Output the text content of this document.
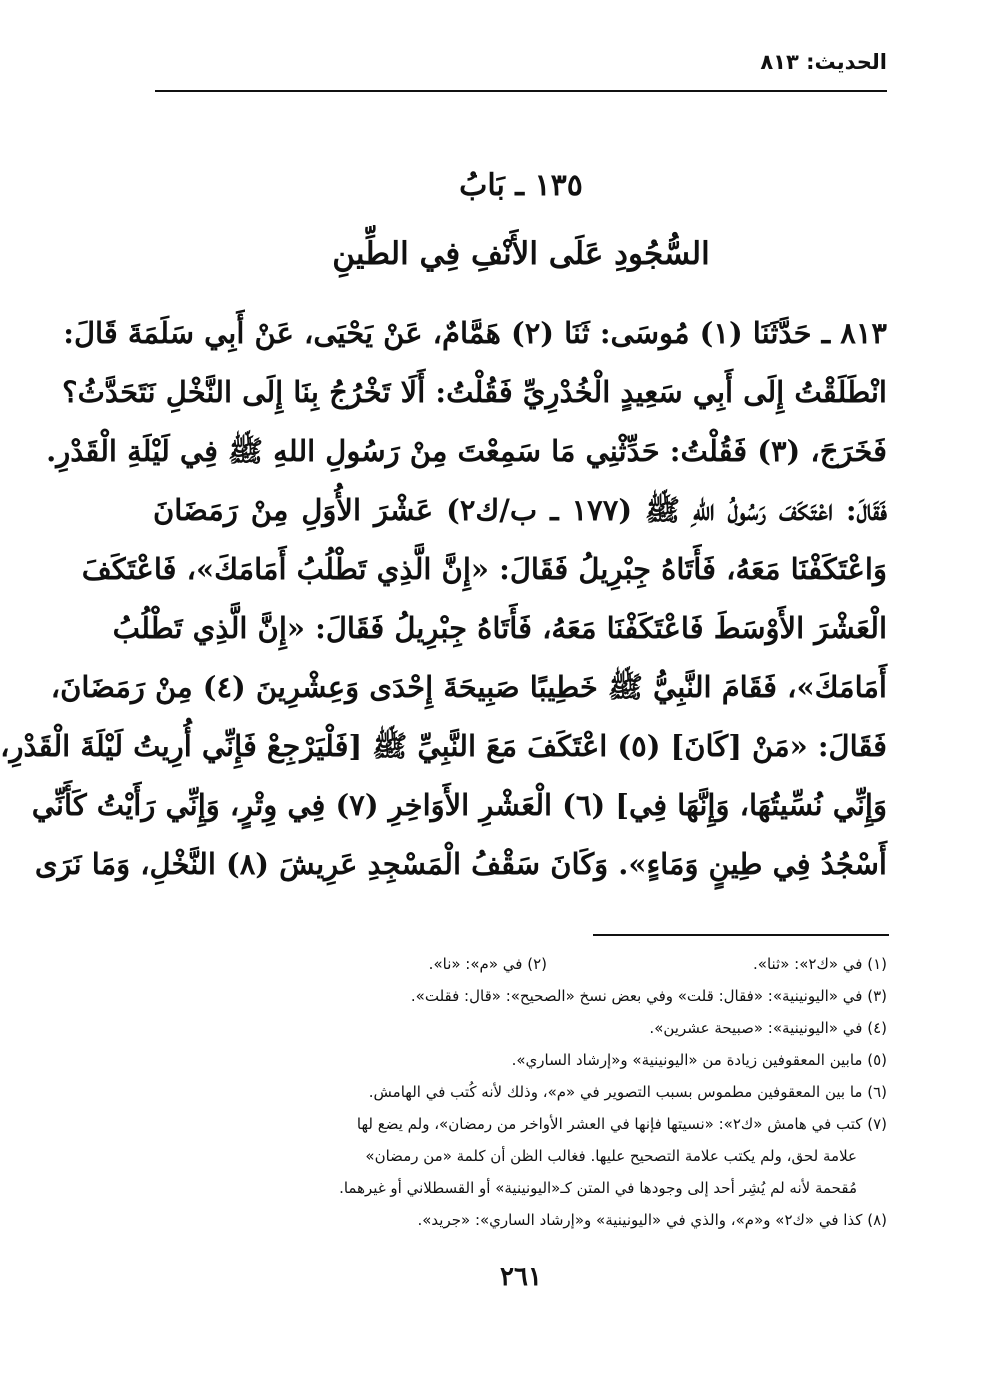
الحديث: ٨١٣
١٣٥ ـ بَابُ
السُّجُودِ عَلَى الأَنْفِ فِي الطِّينِ
٨١٣ ـ حَدَّثَنَا (١) مُوسَى: ثَنَا (٢) هَمَّامٌ، عَنْ يَحْيَى، عَنْ أَبِي سَلَمَةَ قَالَ:
انْطَلَقْتُ إِلَى أَبِي سَعِيدٍ الْخُدْرِيِّ فَقُلْتُ: أَلَا تَخْرُجُ بِنَا إِلَى النَّخْلِ نَتَحَدَّثُ؟
فَخَرَجَ، (٣) فَقُلْتُ: حَدِّثْنِي مَا سَمِعْتَ مِنْ رَسُولِ اللهِ ﷺ فِي لَيْلَةِ الْقَدْرِ.
فَقَالَ: اعْتَكَفَ رَسُولُ اللهِ ﷺ (١٧٧ ـ ب/ك٢) عَشْرَ الأُوَلِ مِنْ رَمَضَانَ
وَاعْتَكَفْنَا مَعَهُ، فَأَتَاهُ جِبْرِيلُ فَقَالَ: «إِنَّ الَّذِي تَطْلُبُ أَمَامَكَ»، فَاعْتَكَفَ
الْعَشْرَ الأَوْسَطَ فَاعْتَكَفْنَا مَعَهُ، فَأَتَاهُ جِبْرِيلُ فَقَالَ: «إِنَّ الَّذِي تَطْلُبُ
أَمَامَكَ»، فَقَامَ النَّبِيُّ ﷺ خَطِيبًا صَبِيحَةَ إِحْدَى وَعِشْرِينَ (٤) مِنْ رَمَضَانَ،
فَقَالَ: «مَنْ [كَانَ] (٥) اعْتَكَفَ مَعَ النَّبِيِّ ﷺ [فَلْيَرْجِعْ فَإِنِّي أُرِيتُ لَيْلَةَ الْقَدْرِ،
وَإِنِّي نُسِّيتُهَا، وَإِنَّهَا فِي] (٦) الْعَشْرِ الأَوَاخِرِ (٧) فِي وِتْرٍ، وَإِنِّي رَأَيْتُ كَأَنِّي
أَسْجُدُ فِي طِينٍ وَمَاءٍ». وَكَانَ سَقْفُ الْمَسْجِدِ عَرِيشَ (٨) النَّخْلِ، وَمَا نَرَى
(١) في «ك٢»: «ثنا».
(٢) في «م»: «نا».
(٣) في «اليونينية»: «فقال: قلت» وفي بعض نسخ «الصحيح»: «قال: فقلت».
(٤) في «اليونينية»: «صبيحة عشرين».
(٥) مابين المعقوفين زيادة من «اليونينية» و«إرشاد الساري».
(٦) ما بين المعقوفين مطموس بسبب التصوير في «م»، وذلك لأنه كُتب في الهامش.
(٧) كتب في هامش «ك٢»: «نسيتها فإنها في العشر الأواخر من رمضان»، ولم يضع لها
علامة لحق، ولم يكتب علامة التصحيح عليها. فغالب الظن أن كلمة «من رمضان»
مُقحمة لأنه لم يُشِر أحد إلى وجودها في المتن كـ«اليونينية» أو القسطلاني أو غيرهما.
(٨) كذا في «ك٢» و«م»، والذي في «اليونينية» و«إرشاد الساري»: «جريد».
٢٦١
